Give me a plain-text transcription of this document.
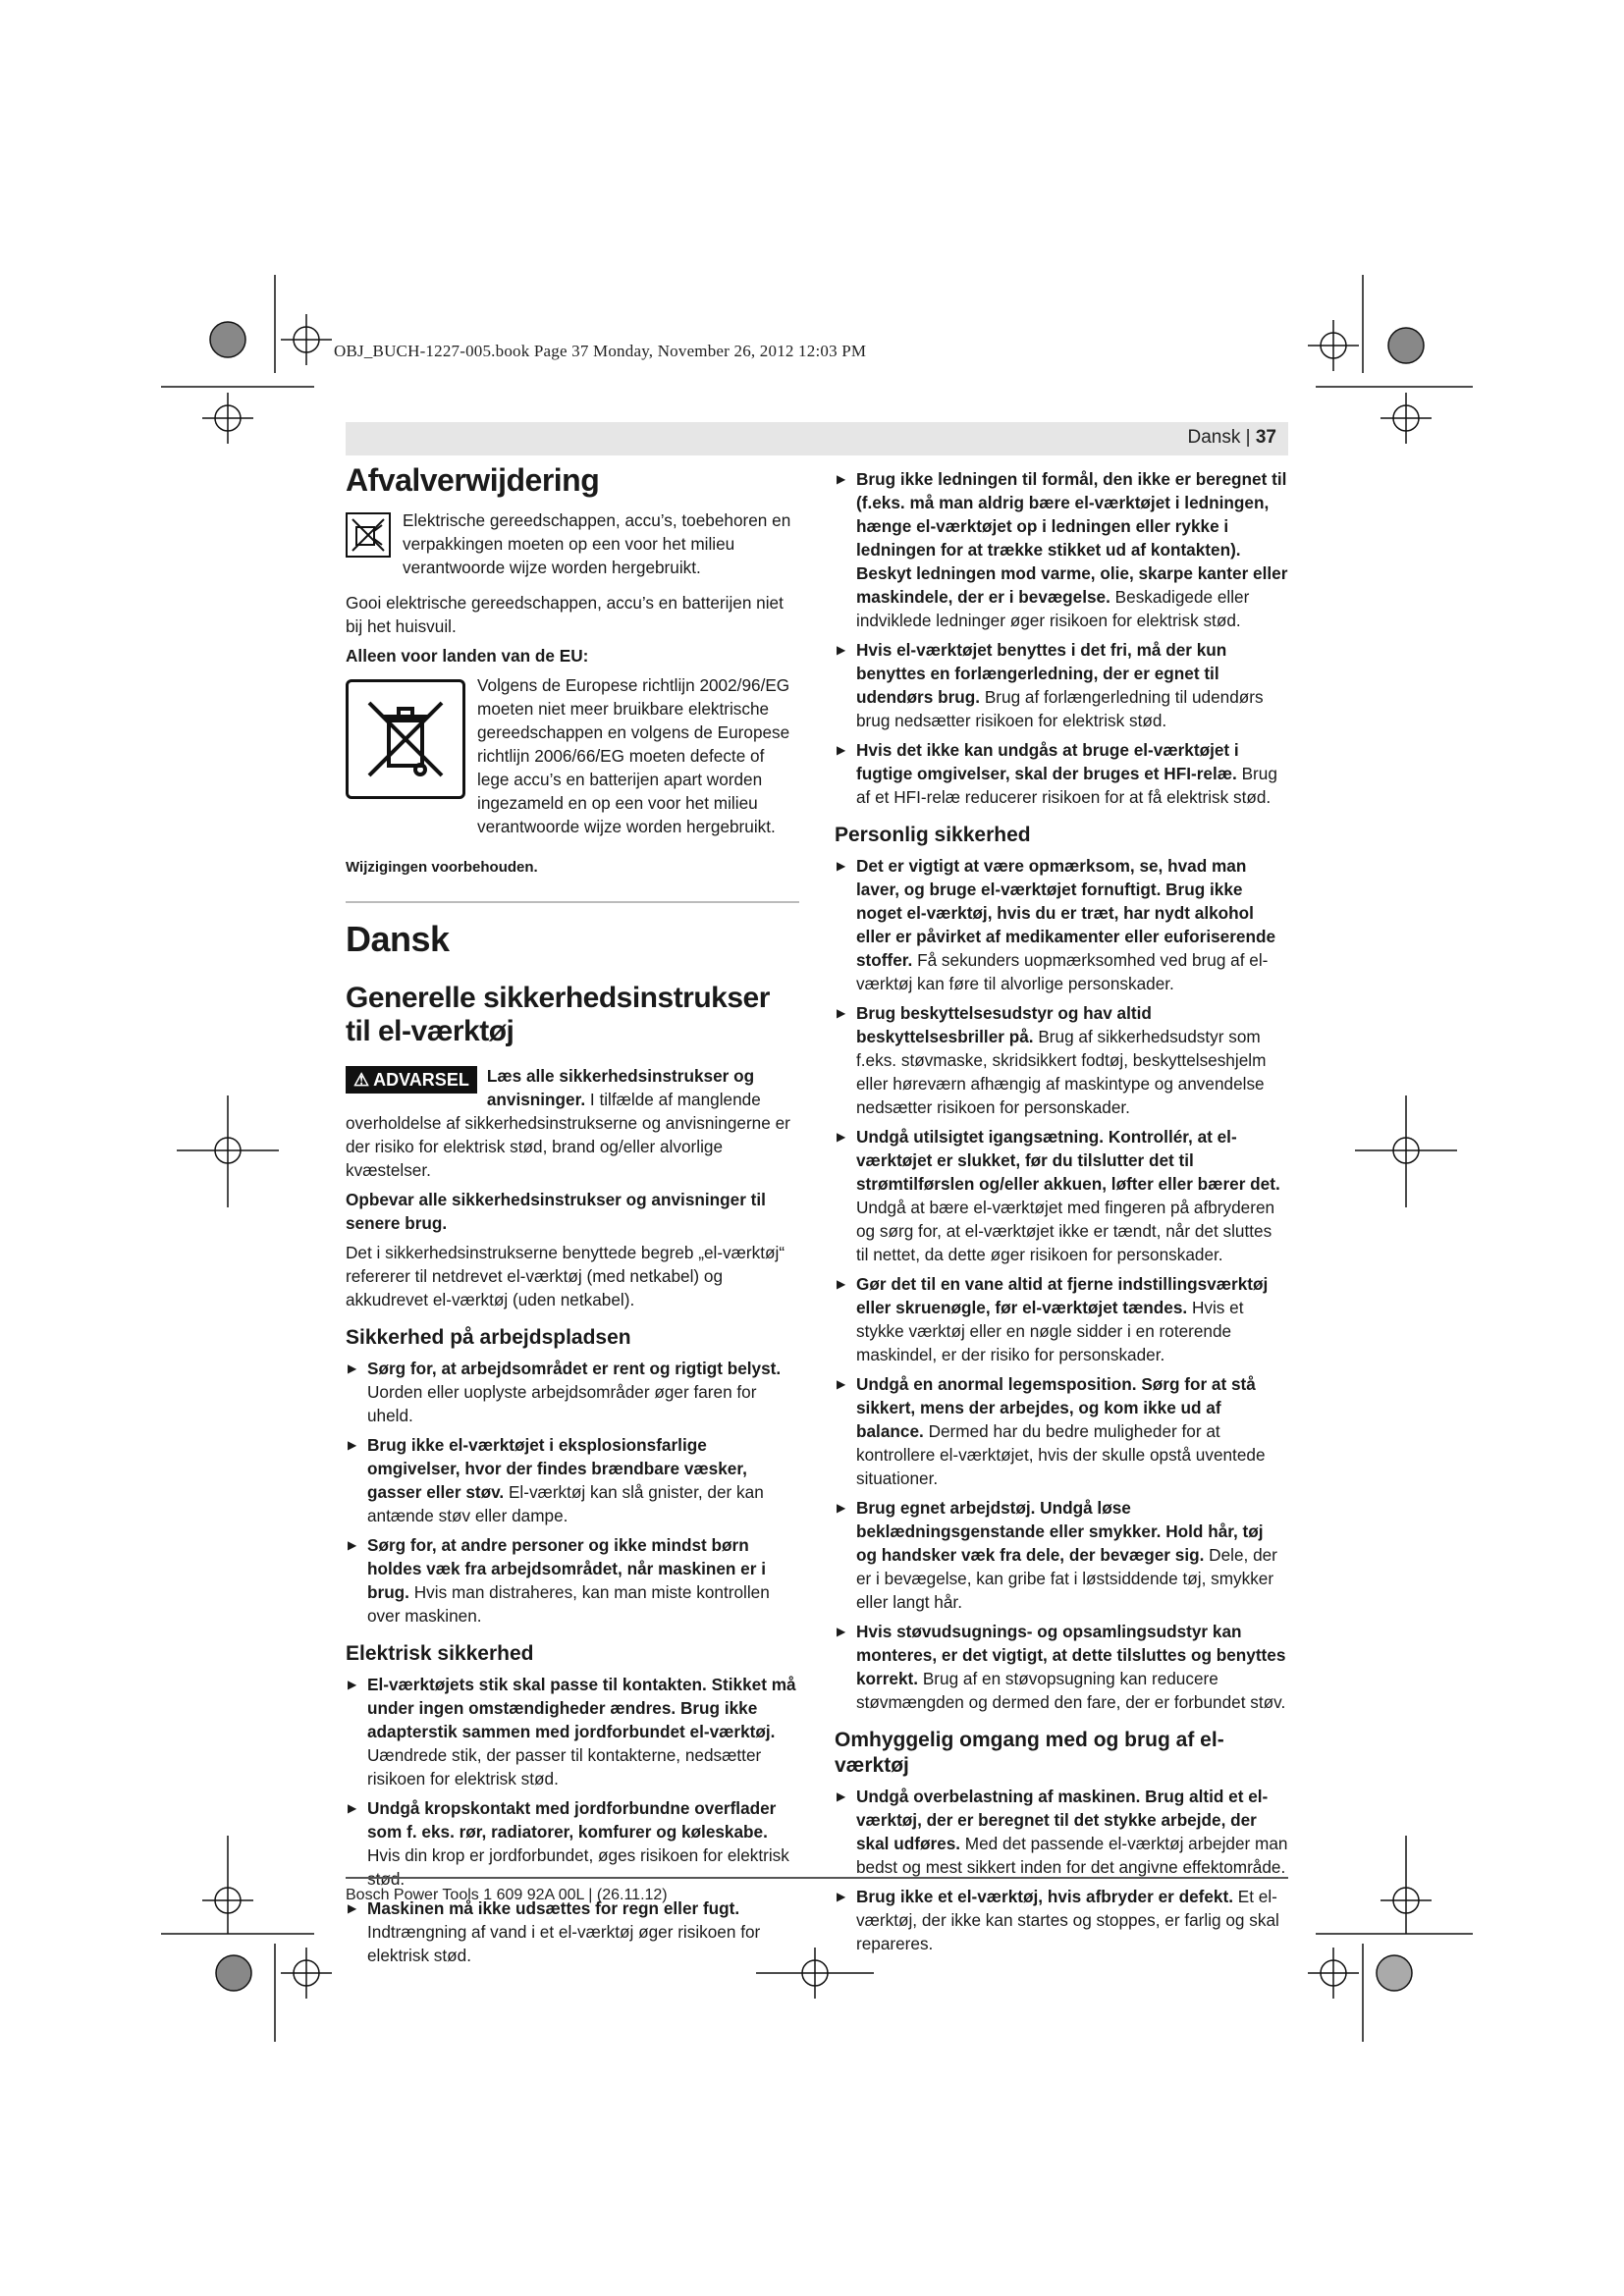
OBJ_BUCH-1227-005.book Page 37 Monday, November 26, 2012 12:03 PM
Dansk | 37
Afvalverwijdering

Elektrische gereedschappen, accu’s, toebehoren en verpakkingen moeten op een voor het milieu verantwoorde wijze worden hergebruikt.

Gooi elektrische gereedschappen, accu’s en batterijen niet bij het huisvuil.

Alleen voor landen van de EU:

Volgens de Europese richtlijn 2002/96/EG moeten niet meer bruikbare elektrische gereedschappen en volgens de Europese richtlijn 2006/66/EG moeten defecte of lege accu’s en batterijen apart worden ingezameld en op een voor het milieu verantwoorde wijze worden hergebruikt.

Wijzigingen voorbehouden.

Dansk
Generelle sikkerhedsinstrukser til el-værktøj

⚠ ADVARSEL Læs alle sikkerhedsinstrukser og anvisninger. I tilfælde af manglende overholdelse af sikkerhedsinstrukserne og anvisningerne er der risiko for elektrisk stød, brand og/eller alvorlige kvæstelser.

Opbevar alle sikkerhedsinstrukser og anvisninger til senere brug.

Det i sikkerhedsinstrukserne benyttede begreb „el-værktøj“ refererer til netdrevet el-værktøj (med netkabel) og akkudrevet el-værktøj (uden netkabel).

Sikkerhed på arbejdspladsen

▶ Sørg for, at arbejdsområdet er rent og rigtigt belyst. Uorden eller uoplyste arbejdsområder øger faren for uheld.

▶ Brug ikke el-værktøjet i eksplosionsfarlige omgivelser, hvor der findes brændbare væsker, gasser eller støv. El-værktøj kan slå gnister, der kan antænde støv eller dampe.

▶ Sørg for, at andre personer og ikke mindst børn holdes væk fra arbejdsområdet, når maskinen er i brug. Hvis man distraheres, kan man miste kontrollen over maskinen.

Elektrisk sikkerhed

▶ El-værktøjets stik skal passe til kontakten. Stikket må under ingen omstændigheder ændres. Brug ikke adapterstik sammen med jordforbundet el-værktøj. Uændrede stik, der passer til kontakterne, nedsætter risikoen for elektrisk stød.

▶ Undgå kropskontakt med jordforbundne overflader som f. eks. rør, radiatorer, komfurer og køleskabe. Hvis din krop er jordforbundet, øges risikoen for elektrisk stød.

▶ Maskinen må ikke udsættes for regn eller fugt. Indtrængning af vand i et el-værktøj øger risikoen for elektrisk stød.

▶ Brug ikke ledningen til formål, den ikke er beregnet til (f.eks. må man aldrig bære el-værktøjet i ledningen, hænge el-værktøjet op i ledningen eller rykke i ledningen for at trække stikket ud af kontakten). Beskyt ledningen mod varme, olie, skarpe kanter eller maskindele, der er i bevægelse. Beskadigede eller indviklede ledninger øger risikoen for elektrisk stød.

▶ Hvis el-værktøjet benyttes i det fri, må der kun benyttes en forlængerledning, der er egnet til udendørs brug. Brug af forlængerledning til udendørs brug nedsætter risikoen for elektrisk stød.

▶ Hvis det ikke kan undgås at bruge el-værktøjet i fugtige omgivelser, skal der bruges et HFI-relæ. Brug af et HFI-relæ reducerer risikoen for at få elektrisk stød.

Personlig sikkerhed

▶ Det er vigtigt at være opmærksom, se, hvad man laver, og bruge el-værktøjet fornuftigt. Brug ikke noget el-værktøj, hvis du er træt, har nydt alkohol eller er påvirket af medikamenter eller euforiserende stoffer. Få sekunders uopmærksomhed ved brug af el-værktøj kan føre til alvorlige personskader.

▶ Brug beskyttelsesudstyr og hav altid beskyttelsesbriller på. Brug af sikkerhedsudstyr som f.eks. støvmaske, skridsikkert fodtøj, beskyttelseshjelm eller høreværn afhængig af maskintype og anvendelse nedsætter risikoen for personskader.

▶ Undgå utilsigtet igangsætning. Kontrollér, at el-værktøjet er slukket, før du tilslutter det til strømtilførslen og/eller akkuen, løfter eller bærer det. Undgå at bære el-værktøjet med fingeren på afbryderen og sørg for, at el-værktøjet ikke er tændt, når det sluttes til nettet, da dette øger risikoen for personskader.

▶ Gør det til en vane altid at fjerne indstillingsværktøj eller skruenøgle, før el-værktøjet tændes. Hvis et stykke værktøj eller en nøgle sidder i en roterende maskindel, er der risiko for personskader.

▶ Undgå en anormal legemsposition. Sørg for at stå sikkert, mens der arbejdes, og kom ikke ud af balance. Dermed har du bedre muligheder for at kontrollere el-værktøjet, hvis der skulle opstå uventede situationer.

▶ Brug egnet arbejdstøj. Undgå løse beklædningsgenstande eller smykker. Hold hår, tøj og handsker væk fra dele, der bevæger sig. Dele, der er i bevægelse, kan gribe fat i løstsiddende tøj, smykker eller langt hår.

▶ Hvis støvudsugnings- og opsamlingsudstyr kan monteres, er det vigtigt, at dette tilsluttes og benyttes korrekt. Brug af en støvopsugning kan reducere støvmængden og dermed den fare, der er forbundet støv.

Omhyggelig omgang med og brug af el-værktøj

▶ Undgå overbelastning af maskinen. Brug altid et el-værktøj, der er beregnet til det stykke arbejde, der skal udføres. Med det passende el-værktøj arbejder man bedst og mest sikkert inden for det angivne effektområde.

▶ Brug ikke et el-værktøj, hvis afbryder er defekt. Et el-værktøj, der ikke kan startes og stoppes, er farlig og skal repareres.

Bosch Power Tools 1 609 92A 00L | (26.11.12)
